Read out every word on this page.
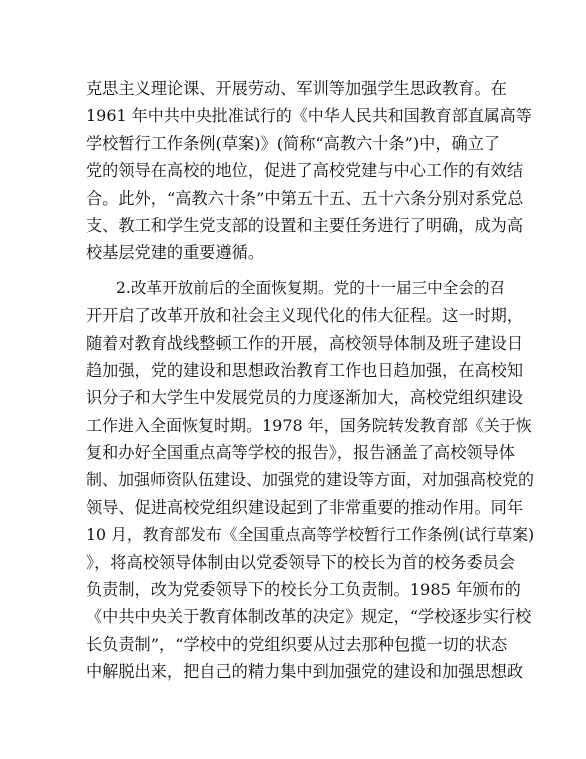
克思主义理论课、开展劳动、军训等加强学生思政教育。在
1961 年中共中央批准试行的《中华人民共和国教育部直属高等
学校暂行工作条例(草案)》(简称“高教六十条”)中，确立了
党的领导在高校的地位，促进了高校党建与中心工作的有效结
合。此外，“高教六十条”中第五十五、五十六条分别对系党总
支、教工和学生党支部的设置和主要任务进行了明确，成为高
校基层党建的重要遵循。
2.改革开放前后的全面恢复期。党的十一届三中全会的召
开开启了改革开放和社会主义现代化的伟大征程。这一时期，
随着对教育战线整顿工作的开展，高校领导体制及班子建设日
趋加强，党的建设和思想政治教育工作也日趋加强，在高校知
识分子和大学生中发展党员的力度逐渐加大，高校党组织建设
工作进入全面恢复时期。1978 年，国务院转发教育部《关于恢
复和办好全国重点高等学校的报告》，报告涵盖了高校领导体
制、加强师资队伍建设、加强党的建设等方面，对加强高校党的
领导、促进高校党组织建设起到了非常重要的推动作用。同年
10 月，教育部发布《全国重点高等学校暂行工作条例(试行草案)
》，将高校领导体制由以党委领导下的校长为首的校务委员会
负责制，改为党委领导下的校长分工负责制。1985 年颁布的
《中共中央关于教育体制改革的决定》规定，“学校逐步实行校
长负责制”，“学校中的党组织要从过去那种包揽一切的状态
中解脱出来，把自己的精力集中到加强党的建设和加强思想政
